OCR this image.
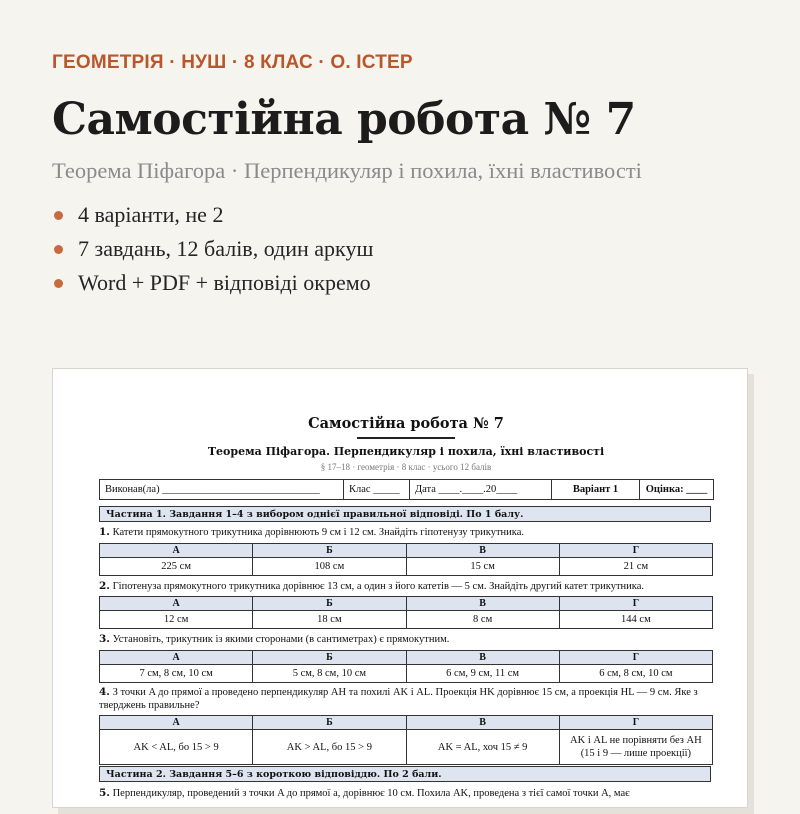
ГЕОМЕТРІЯ · НУШ · 8 КЛАС · О. ІСТЕР
Самостійна робота № 7
Теорема Піфагора · Перпендикуляр і похила, їхні властивості
4 варіанти, не 2
7 завдань, 12 балів, один аркуш
Word + PDF + відповіді окремо
Самостійна робота № 7
Теорема Піфагора. Перпендикуляр і похила, їхні властивості
§ 17–18 · геометрія · 8 клас · усього 12 балів
Виконав(ла) ______________________________	Клас _____	Дата ____.____.20____	Варіант 1	Оцінка: ____
Частина 1. Завдання 1–4 з вибором однієї правильної відповіді. По 1 балу.
1. Катети прямокутного трикутника дорівнюють 9 см і 12 см. Знайдіть гіпотенузу трикутника.
А	Б	В	Г
225 см	108 см	15 см	21 см
2. Гіпотенуза прямокутного трикутника дорівнює 13 см, а один з його катетів — 5 см. Знайдіть другий катет трикутника.
А	Б	В	Г
12 см	18 см	8 см	144 см
3. Установіть, трикутник із якими сторонами (в сантиметрах) є прямокутним.
А	Б	В	Г
7 см, 8 см, 10 см	5 см, 8 см, 10 см	6 см, 9 см, 11 см	6 см, 8 см, 10 см
4. З точки A до прямої a проведено перпендикуляр AH та похилі AK і AL. Проекція HK дорівнює 15 см, а проекція HL — 9 см. Яке з тверджень правильне?
А	Б	В	Г
AK < AL, бо 15 > 9	AK > AL, бо 15 > 9	AK = AL, хоч 15 ≠ 9	AK і AL не порівняти без AH (15 і 9 — лише проекції)
Частина 2. Завдання 5–6 з короткою відповіддю. По 2 бали.
5. Перпендикуляр, проведений з точки A до прямої a, дорівнює 10 см. Похила AK, проведена з тієї самої точки A, має
